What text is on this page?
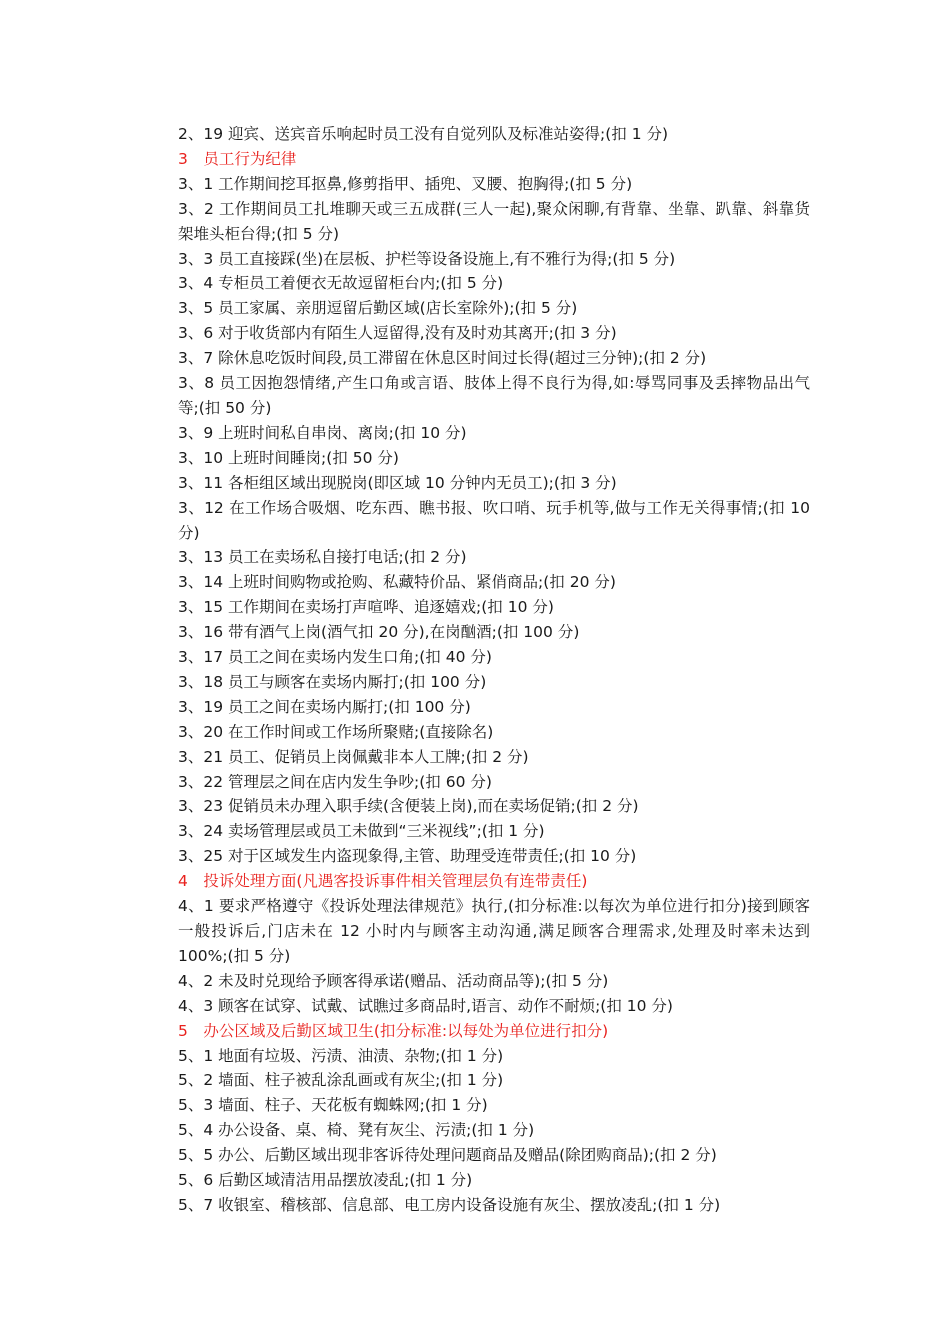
2、19 迎宾、送宾音乐响起时员工没有自觉列队及标准站姿得;(扣 1 分)

3　员工行为纪律

3、1 工作期间挖耳抠鼻,修剪指甲、插兜、叉腰、抱胸得;(扣 5 分)

3、2 工作期间员工扎堆聊天或三五成群(三人一起),聚众闲聊,有背靠、坐靠、趴靠、斜靠货架堆头柜台得;(扣 5 分)

3、3 员工直接踩(坐)在层板、护栏等设备设施上,有不雅行为得;(扣 5 分)

3、4 专柜员工着便衣无故逗留柜台内;(扣 5 分)

3、5 员工家属、亲朋逗留后勤区域(店长室除外);(扣 5 分)

3、6 对于收货部内有陌生人逗留得,没有及时劝其离开;(扣 3 分)

3、7 除休息吃饭时间段,员工滞留在休息区时间过长得(超过三分钟);(扣 2 分)

3、8 员工因抱怨情绪,产生口角或言语、肢体上得不良行为得,如:辱骂同事及丢摔物品出气等;(扣 50 分)

3、9 上班时间私自串岗、离岗;(扣 10 分)

3、10 上班时间睡岗;(扣 50 分)

3、11 各柜组区域出现脱岗(即区域 10 分钟内无员工);(扣 3 分)

3、12 在工作场合吸烟、吃东西、瞧书报、吹口哨、玩手机等,做与工作无关得事情;(扣 10 分)

3、13 员工在卖场私自接打电话;(扣 2 分)

3、14 上班时间购物或抢购、私藏特价品、紧俏商品;(扣 20 分)

3、15 工作期间在卖场打声喧哗、追逐嬉戏;(扣 10 分)

3、16 带有酒气上岗(酒气扣 20 分),在岗酗酒;(扣 100 分)

3、17 员工之间在卖场内发生口角;(扣 40 分)

3、18 员工与顾客在卖场内厮打;(扣 100 分)

3、19 员工之间在卖场内厮打;(扣 100 分)

3、20 在工作时间或工作场所聚赌;(直接除名)

3、21 员工、促销员上岗佩戴非本人工牌;(扣 2 分)

3、22 管理层之间在店内发生争吵;(扣 60 分)

3、23 促销员未办理入职手续(含便装上岗),而在卖场促销;(扣 2 分)

3、24 卖场管理层或员工未做到“三米视线”;(扣 1 分)

3、25 对于区域发生内盗现象得,主管、助理受连带责任;(扣 10 分)

4　投诉处理方面(凡遇客投诉事件相关管理层负有连带责任)

4、1 要求严格遵守《投诉处理法律规范》执行,(扣分标准:以每次为单位进行扣分)接到顾客一般投诉后,门店未在 12 小时内与顾客主动沟通,满足顾客合理需求,处理及时率未达到 100%;(扣 5 分)

4、2 未及时兑现给予顾客得承诺(赠品、活动商品等);(扣 5 分)

4、3 顾客在试穿、试戴、试瞧过多商品时,语言、动作不耐烦;(扣 10 分)

5　办公区域及后勤区域卫生(扣分标准:以每处为单位进行扣分)

5、1 地面有垃圾、污渍、油渍、杂物;(扣 1 分)

5、2 墙面、柱子被乱涂乱画或有灰尘;(扣 1 分)

5、3 墙面、柱子、天花板有蜘蛛网;(扣 1 分)

5、4 办公设备、桌、椅、凳有灰尘、污渍;(扣 1 分)

5、5 办公、后勤区域出现非客诉待处理问题商品及赠品(除团购商品);(扣 2 分)

5、6 后勤区域清洁用品摆放凌乱;(扣 1 分)

5、7 收银室、稽核部、信息部、电工房内设备设施有灰尘、摆放凌乱;(扣 1 分)
